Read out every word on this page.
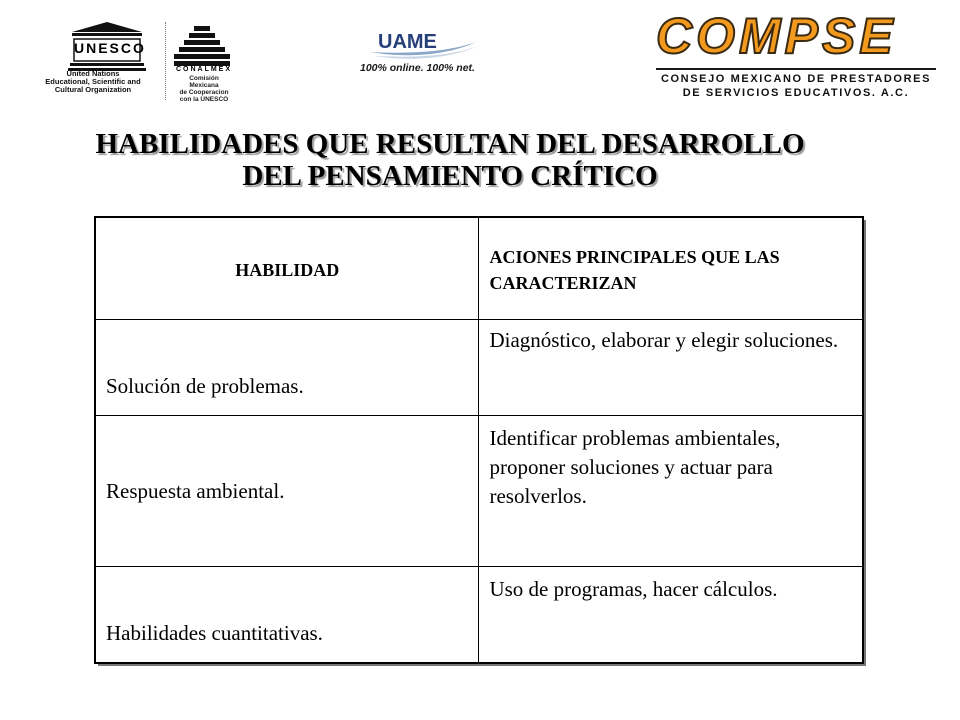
UNESCO
United Nations
Educational, Scientific and
Cultural Organization
CONALMEX
Comisión
Mexicana
de Cooperacion
con la UNESCO
UAME
100% online. 100% net.
COMPSE
CONSEJO MEXICANO DE PRESTADORES
DE SERVICIOS EDUCATIVOS. A.C.
HABILIDADES QUE RESULTAN DEL DESARROLLO
DEL PENSAMIENTO CRÍTICO
HABILIDAD	ACIONES PRINCIPALES QUE LAS CARACTERIZAN
Solución de problemas.	Diagnóstico, elaborar y elegir soluciones.
Respuesta ambiental.	Identificar problemas ambientales, proponer soluciones y actuar para resolverlos.
Habilidades cuantitativas.	Uso de programas, hacer cálculos.
